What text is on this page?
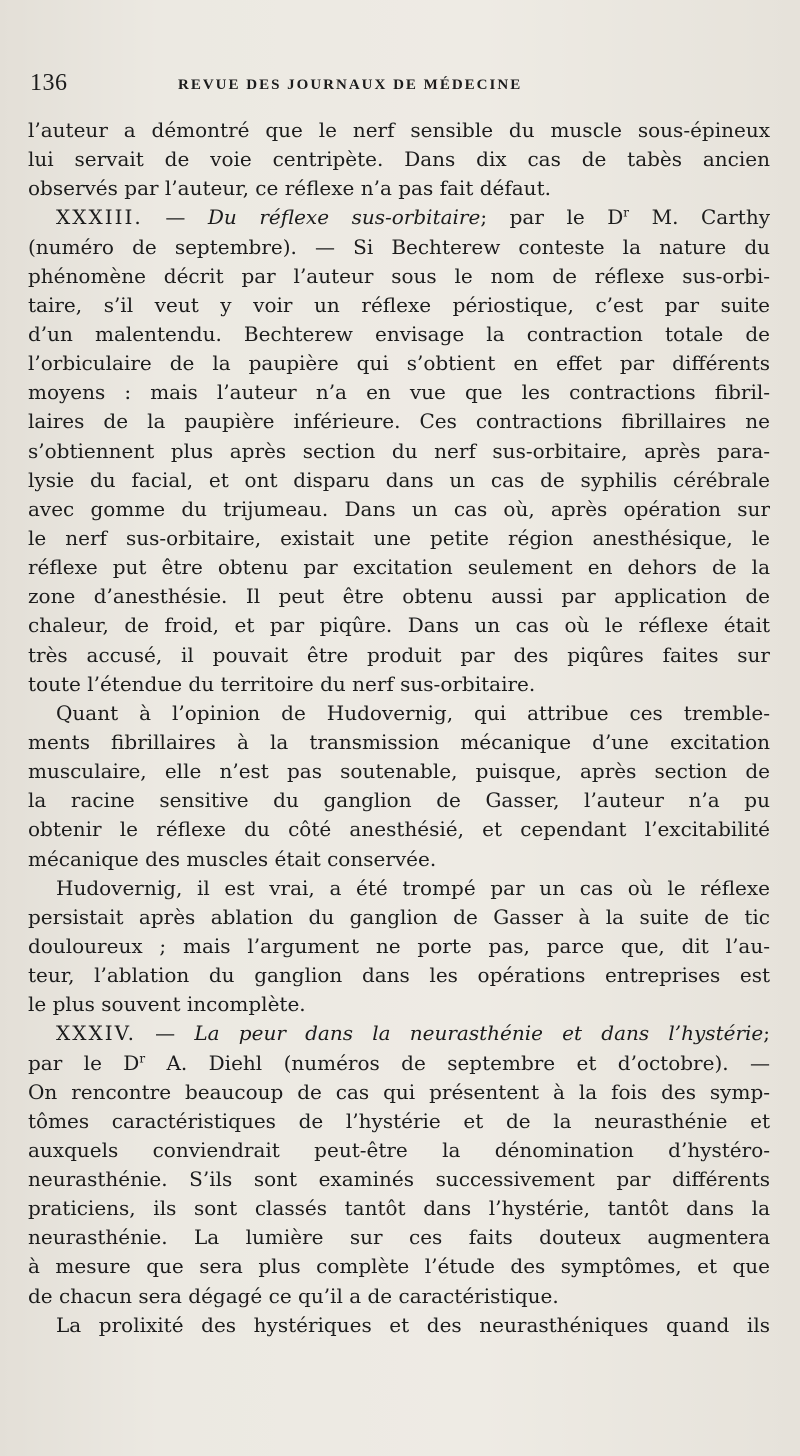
136	REVUE DES JOURNAUX DE MÉDECINE
l’auteur a démontré que le nerf sensible du muscle sous-épineux
lui servait de voie centripète. Dans dix cas de tabès ancien
observés par l’auteur, ce réflexe n’a pas fait défaut.
XXXIII. — Du réflexe sus-orbitaire; par le $D^r$ M. Carthy
(numéro de septembre). — Si Bechterew conteste la nature du
phénomène décrit par l’auteur sous le nom de réflexe sus-orbi-
taire, s’il veut y voir un réflexe périostique, c’est par suite
d’un malentendu. Bechterew envisage la contraction totale de
l’orbiculaire de la paupière qui s’obtient en effet par différents
moyens : mais l’auteur n’a en vue que les contractions fibril-
laires de la paupière inférieure. Ces contractions fibrillaires ne
s’obtiennent plus après section du nerf sus-orbitaire, après para-
lysie du facial, et ont disparu dans un cas de syphilis cérébrale
avec gomme du trijumeau. Dans un cas où, après opération sur
le nerf sus-orbitaire, existait une petite région anesthésique, le
réflexe put être obtenu par excitation seulement en dehors de la
zone d’anesthésie. Il peut être obtenu aussi par application de
chaleur, de froid, et par piqûre. Dans un cas où le réflexe était
très accusé, il pouvait être produit par des piqûres faites sur
toute l’étendue du territoire du nerf sus-orbitaire.
Quant à l’opinion de Hudovernig, qui attribue ces tremble-
ments fibrillaires à la transmission mécanique d’une excitation
musculaire, elle n’est pas soutenable, puisque, après section de
la racine sensitive du ganglion de Gasser, l’auteur n’a pu
obtenir le réflexe du côté anesthésié, et cependant l’excitabilité
mécanique des muscles était conservée.
Hudovernig, il est vrai, a été trompé par un cas où le réflexe
persistait après ablation du ganglion de Gasser à la suite de tic
douloureux ; mais l’argument ne porte pas, parce que, dit l’au-
teur, l’ablation du ganglion dans les opérations entreprises est
le plus souvent incomplète.
XXXIV. — La peur dans la neurasthénie et dans l’hystérie;
par le $D^r$ A. Diehl (numéros de septembre et d’octobre). —
On rencontre beaucoup de cas qui présentent à la fois des symp-
tômes caractéristiques de l’hystérie et de la neurasthénie et
auxquels conviendrait peut-être la dénomination d’hystéro-
neurasthénie. S’ils sont examinés successivement par différents
praticiens, ils sont classés tantôt dans l’hystérie, tantôt dans la
neurasthénie. La lumière sur ces faits douteux augmentera
à mesure que sera plus complète l’étude des symptômes, et que
de chacun sera dégagé ce qu’il a de caractéristique.
La prolixité des hystériques et des neurasthéniques quand ils
